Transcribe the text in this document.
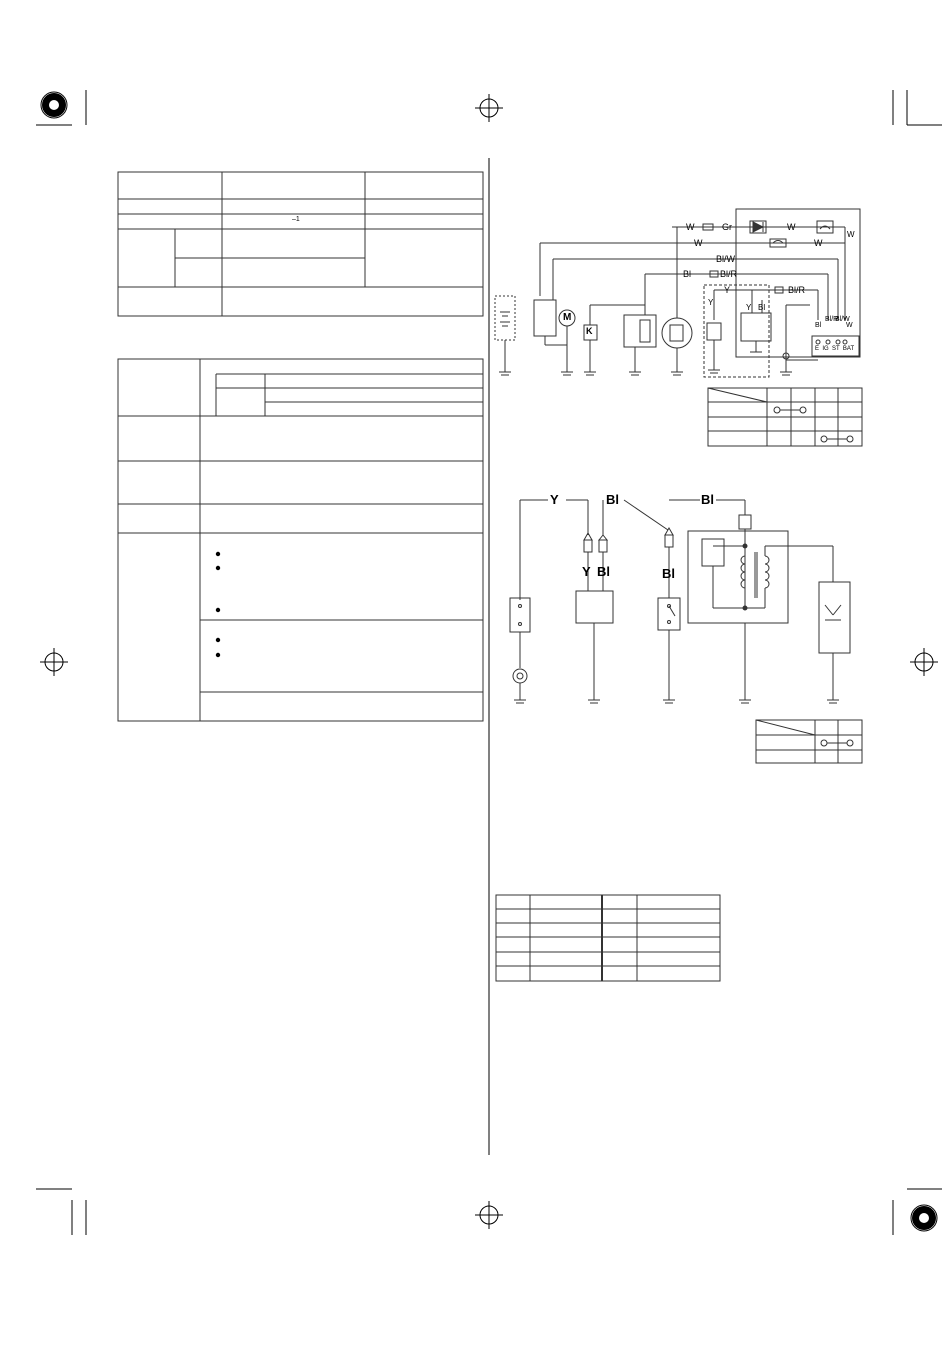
–1
W	Gr	W
W
W	W
Bl/W
Bl	Bl/R
Y
Y
Y Bl
Bl/R
Bl
Bl/R
Bl/W
W
E  IG  ST  BAT
M
K
Y	Bl	Bl
Y Bl	Bl
